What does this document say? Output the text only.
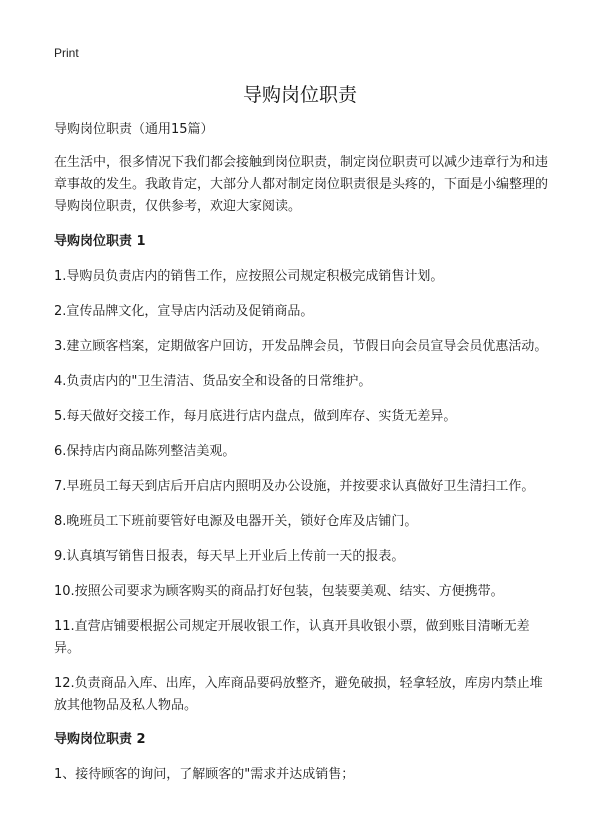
Print
导购岗位职责

导购岗位职责（通用15篇）

在生活中，很多情况下我们都会接触到岗位职责，制定岗位职责可以减少违章行为和违章事故的发生。我敢肯定，大部分人都对制定岗位职责很是头疼的，下面是小编整理的导购岗位职责，仅供参考，欢迎大家阅读。

导购岗位职责 1

1.导购员负责店内的销售工作，应按照公司规定积极完成销售计划。

2.宣传品牌文化，宣导店内活动及促销商品。

3.建立顾客档案，定期做客户回访，开发品牌会员，节假日向会员宣导会员优惠活动。

4.负责店内的"卫生清洁、货品安全和设备的日常维护。

5.每天做好交接工作，每月底进行店内盘点，做到库存、实货无差异。

6.保持店内商品陈列整洁美观。

7.早班员工每天到店后开启店内照明及办公设施，并按要求认真做好卫生清扫工作。

8.晚班员工下班前要管好电源及电器开关，锁好仓库及店铺门。

9.认真填写销售日报表，每天早上开业后上传前一天的报表。

10.按照公司要求为顾客购买的商品打好包装，包装要美观、结实、方便携带。

11.直营店铺要根据公司规定开展收银工作，认真开具收银小票，做到账目清晰无差异。

12.负责商品入库、出库，入库商品要码放整齐，避免破损，轻拿轻放，库房内禁止堆放其他物品及私人物品。

导购岗位职责 2

1、接待顾客的询问，了解顾客的"需求并达成销售；
